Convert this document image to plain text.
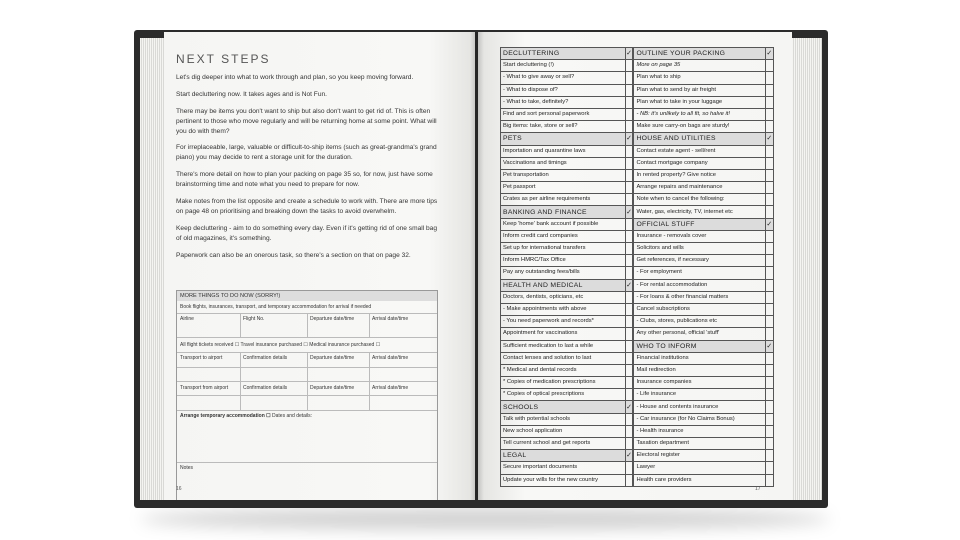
NEXT STEPS

Let's dig deeper into what to work through and plan, so you keep moving forward.

Start decluttering now. It takes ages and is Not Fun.

There may be items you don't want to ship but also don't want to get rid of. This is often pertinent to those who move regularly and will be returning home at some point. What will you do with them?

For irreplaceable, large, valuable or difficult-to-ship items (such as great-grandma's grand piano) you may decide to rent a storage unit for the duration.

There's more detail on how to plan your packing on page 35 so, for now, just have some brainstorming time and note what you need to prepare for now.

Make notes from the list opposite and create a schedule to work with. There are more tips on page 48 on prioritising and breaking down the tasks to avoid overwhelm.

Keep decluttering - aim to do something every day. Even if it's getting rid of one small bag of old magazines, it's something.

Paperwork can also be an onerous task, so there's a section on that on page 32.

MORE THINGS TO DO NOW (SORRY!)
Book flights, insurances, transport, and temporary accommodation for arrival if needed
Airline	Flight No.	Departure date/time	Arrival date/time
All flight tickets received ☐ Travel insurance purchased ☐ Medical insurance purchased ☐
Transport to airport	Confirmation details	Departure date/time	Arrival date/time
Transport from airport	Confirmation details	Departure date/time	Arrival date/time
Arrange temporary accommodation ☐ Dates and details:
Notes
16
DECLUTTERING	✓	OUTLINE YOUR PACKING	✓
Start decluttering (!)		More on page 35	
- What to give away or sell?		Plan what to ship	
- What to dispose of?		Plan what to send by air freight	
- What to take, definitely?		Plan what to take in your luggage	
Find and sort personal paperwork		- NB: it's unlikely to all fit, so halve it!	
Big items: take, store or sell?		Make sure carry-on bags are sturdy!	
PETS	✓	HOUSE AND UTILITIES	✓
Importation and quarantine laws		Contact estate agent - sell/rent	
Vaccinations and timings		Contact mortgage company	
Pet transportation		In rented property? Give notice	
Pet passport		Arrange repairs and maintenance	
Crates as per airline requirements		Note when to cancel the following:	
BANKING AND FINANCE	✓	Water, gas, electricity, TV, internet etc	
Keep 'home' bank account if possible		OFFICIAL STUFF	✓
Inform credit card companies		Insurance - removals cover	
Set up for international transfers		Solicitors and wills	
Inform HMRC/Tax Office		Get references, if necessary	
Pay any outstanding fees/bills		- For employment	
HEALTH AND MEDICAL	✓	- For rental accommodation	
Doctors, dentists, opticians, etc		- For loans & other financial matters	
- Make appointments with above		Cancel subscriptions	
- You need paperwork and records*		- Clubs, stores, publications etc	
Appointment for vaccinations		Any other personal, official 'stuff'	
Sufficient medication to last a while		WHO TO INFORM	✓
Contact lenses and solution to last		Financial institutions	
* Medical and dental records		Mail redirection	
* Copies of medication prescriptions		Insurance companies	
* Copies of optical prescriptions		- Life insurance	
SCHOOLS	✓	- House and contents insurance	
Talk with potential schools		- Car insurance (for No Claims Bonus)	
New school application		- Health insurance	
Tell current school and get reports		Taxation department	
LEGAL	✓	Electoral register	
Secure important documents		Lawyer	
Update your wills for the new country		Health care providers	
17
